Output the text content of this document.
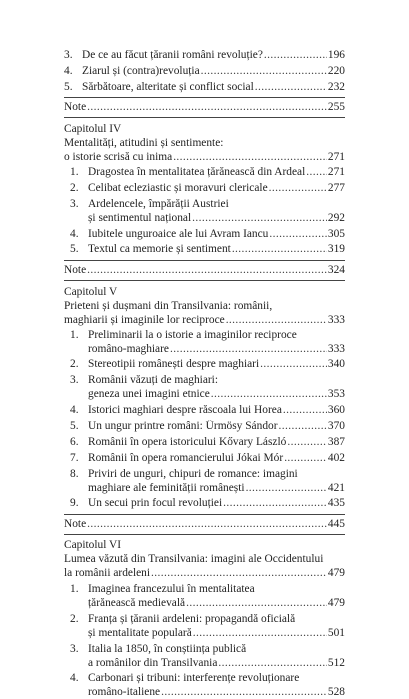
3. De ce au făcut țăranii români revoluție? .....	196
4. Ziarul și (contra)revoluția .....	220
5. Sărbătoare, alteritate și conflict social .....	232
Note .....	255
Capitolul IV
Mentalități, atitudini și sentimente:
o istorie scrisă cu inima .....	271
1. Dragostea în mentalitatea țărănească din Ardeal ..... 271
2. Celibat ecleziastic și moravuri clericale .....	277
3. Ardelencele, împărății Austriei
și sentimentul național .....	292
4. Iubitele unguroaice ale lui Avram Iancu .....	305
5. Textul ca memorie și sentiment .....	319
Note .....	324
Capitolul V
Prieteni și dușmani din Transilvania: românii,
maghiarii și imaginile lor reciproce .....	333
1. Preliminarii la o istorie a imaginilor reciproce
româno-maghiare .....	333
2. Stereotipii românești despre maghiari .....	340
3. Românii văzuți de maghiari:
geneza unei imagini etnice .....	353
4. Istorici maghiari despre răscoala lui Horea .....	360
5. Un ungur printre români: Ürmösy Sándor .....	370
6. Românii în opera istoricului Kővary László .....	387
7. Românii în opera romancierului Jókai Mór .....	402
8. Priviri de unguri, chipuri de romance: imagini
maghiare ale feminității românești .....	421
9. Un secui prin focul revoluției .....	435
Note .....	445
Capitolul VI
Lumea văzută din Transilvania: imagini ale Occidentului
la românii ardeleni .....	479
1. Imaginea francezului în mentalitatea
țărănească medievală .....	479
2. Franța și țăranii ardeleni: propagandă oficială
și mentalitate populară .....	501
3. Italia la 1850, în conștiința publică
a românilor din Transilvania .....	512
4. Carbonari și tribuni: interferențe revoluționare
româno-italiene .....	528
